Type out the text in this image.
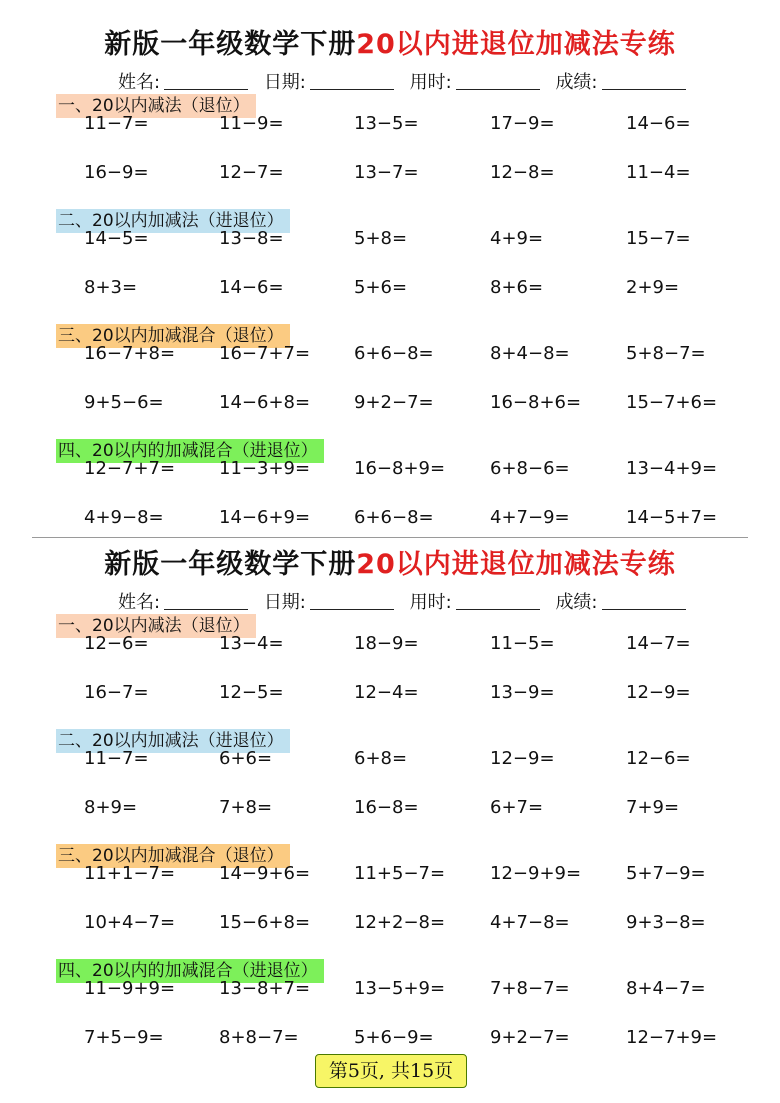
新版一年级数学下册20以内进退位加减法专练
姓名:	日期:	用时:	成绩:
一、20以内减法（退位）
11−7=	11−9=	13−5=	17−9=	14−6=
16−9=	12−7=	13−7=	12−8=	11−4=
二、20以内加减法（进退位）
14−5=	13−8=	5+8=	4+9=	15−7=
8+3=	14−6=	5+6=	8+6=	2+9=
三、20以内加减混合（退位）
16−7+8= 16−7+7= 6+6−8=	8+4−8=	5+8−7=
9+5−6=	14−6+8= 9+2−7=	16−8+6= 15−7+6=
四、20以内的加减混合（进退位）
12−7+7= 11−3+9= 16−8+9= 6+8−6=	13−4+9=
4+9−8=	14−6+9= 6+6−8=	4+7−9=	14−5+7=
新版一年级数学下册20以内进退位加减法专练
姓名:	日期:	用时:	成绩:
一、20以内减法（退位）
12−6=	13−4=	18−9=	11−5=	14−7=
16−7=	12−5=	12−4=	13−9=	12−9=
二、20以内加减法（进退位）
11−7=	6+6=	6+8=	12−9=	12−6=
8+9=	7+8=	16−8=	6+7=	7+9=
三、20以内加减混合（退位）
11+1−7= 14−9+6= 11+5−7= 12−9+9= 5+7−9=
10+4−7= 15−6+8= 12+2−8= 4+7−8=	9+3−8=
四、20以内的加减混合（进退位）
11−9+9= 13−8+7= 13−5+9= 7+8−7=	8+4−7=
7+5−9=	8+8−7=	5+6−9=	9+2−7=	12−7+9=
第5页, 共15页
